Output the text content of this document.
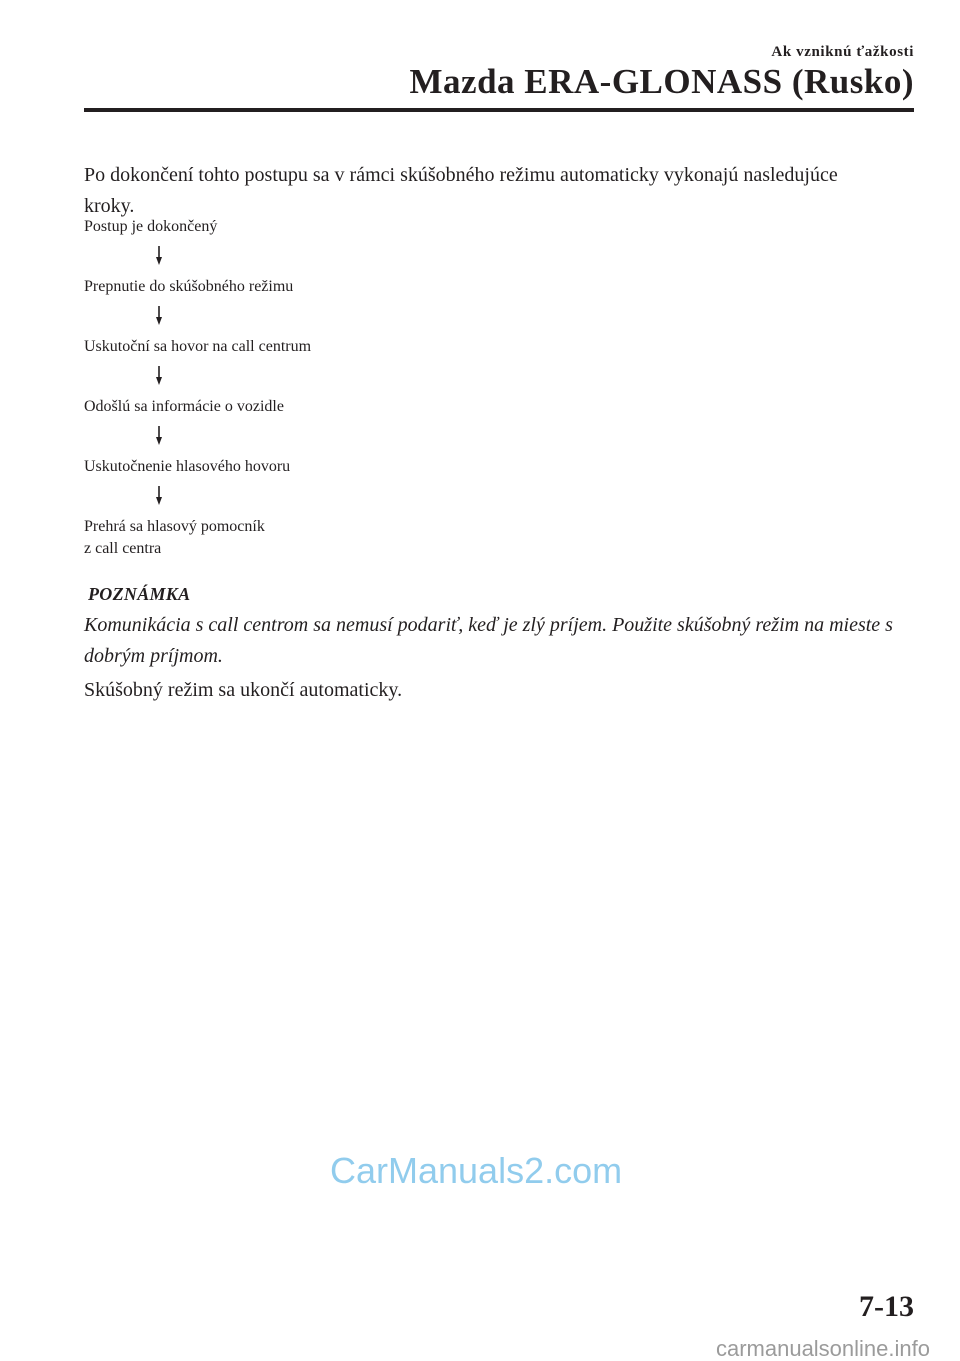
Ak vzniknú ťažkosti
Mazda ERA-GLONASS (Rusko)
Po dokončení tohto postupu sa v rámci skúšobného režimu automaticky vykonajú nasledujúce kroky.
Postup je dokončený
Prepnutie do skúšobného režimu
Uskutoční sa hovor na call centrum
Odošlú sa informácie o vozidle
Uskutočnenie hlasového hovoru
Prehrá sa hlasový pomocník
z call centra
POZNÁMKA
Komunikácia s call centrom sa nemusí podariť, keď je zlý príjem. Použite skúšobný režim na mieste s dobrým príjmom.
Skúšobný režim sa ukončí automaticky.
CarManuals2.com
7-13
carmanualsonline.info
